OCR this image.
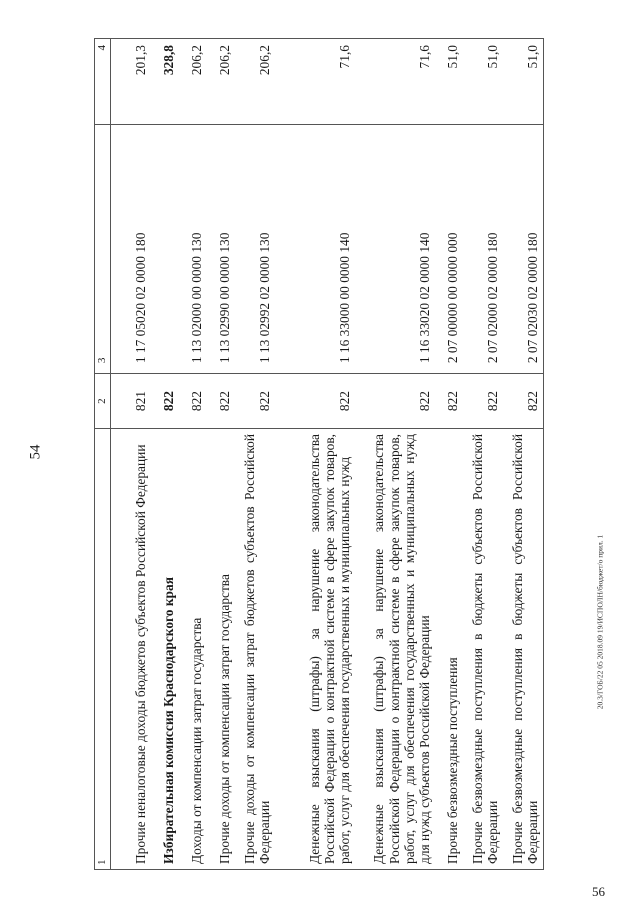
54
1	2	3	4
Прочие неналоговые доходы бюджетов субъектов Российской Федерации	821	1 17 05020 02 0000 180	201,3
Избирательная комиссия Краснодарского края	822		328,8
Доходы от компенсации затрат государства	822	1 13 02000 00 0000 130	206,2
Прочие доходы от компенсации затрат государства	822	1 13 02990 00 0000 130	206,2
Прочие доходы от компенсации затрат бюджетов субъектов Российской Федерации	822	1 13 02992 02 0000 130	206,2
Денежные взыскания (штрафы) за нарушение законодательства Российской Федерации о контрактной системе в сфере закупок товаров, работ, услуг для обеспечения государственных и муниципальных нужд	822	1 16 33000 00 0000 140	71,6
Денежные взыскания (штрафы) за нарушение законодательства Российской Федерации о контрактной системе в сфере закупок товаров, работ, услуг для обеспечения государственных и муниципальных нужд для нужд субъектов Российской Федерации	822	1 16 33020 02 0000 140	71,6
Прочие безвозмездные поступления	822	2 07 00000 00 0000 000	51,0
Прочие безвозмездные поступления в бюджеты субъектов Российской Федерации	822	2 07 02000 02 0000 180	51,0
Прочие безвозмездные поступления в бюджеты субъектов Российской Федерации	822	2 07 02030 02 0000 180	51,0
20.3/ГОБ/22 05 2018.09 19/ИСПОЛН/бюджет/о прил. 1
56
